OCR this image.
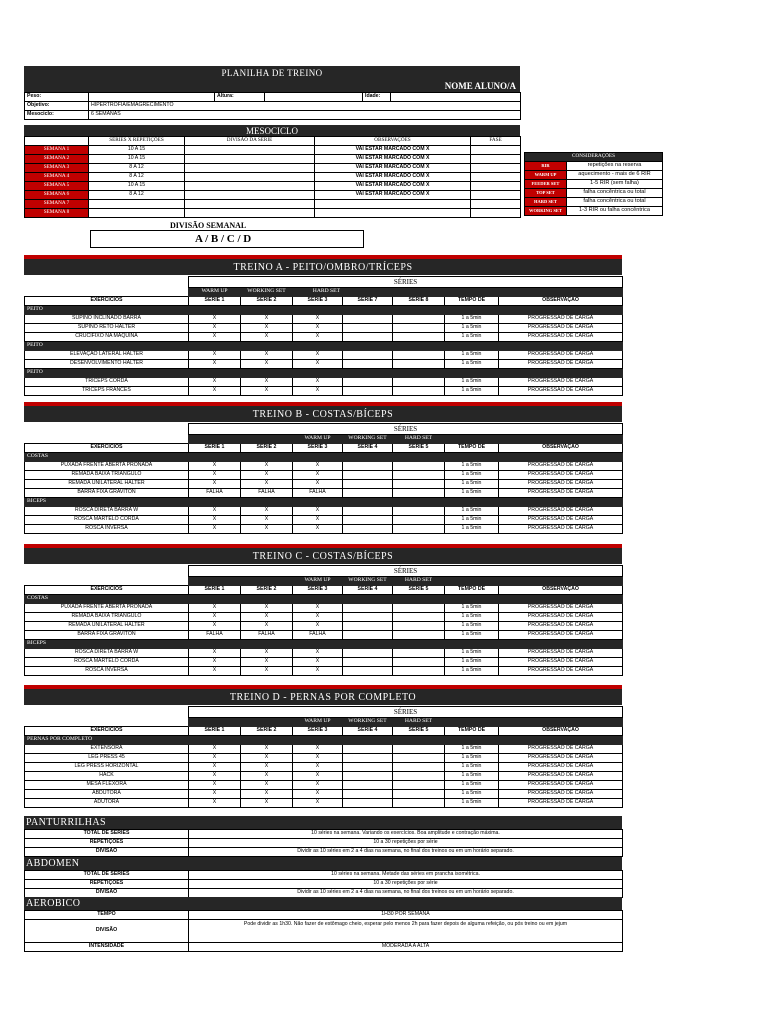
PLANILHA DE TREINO
NOME ALUNO/A
Peso:		Altura:		Idade:	
Objetivo:	HIPERTROFIA/EMAGRECIMENTO
Mesociclo:	6 SEMANAS
MESOCICLO
	SÉRIES X REPETIÇÕES	DIVISÃO DA SÉRIE	OBSERVAÇÕES	FASE
SEMANA 1	10 A 15		VAI ESTAR MARCADO COM X	
SEMANA 2	10 A 15		VAI ESTAR MARCADO COM X	
SEMANA 3	8 A 12		VAI ESTAR MARCADO COM X	
SEMANA 4	8 A 12		VAI ESTAR MARCADO COM X	
SEMANA 5	10 A 15		VAI ESTAR MARCADO COM X	
SEMANA 6	8 A 12		VAI ESTAR MARCADO COM X	
SEMANA 7				
SEMANA 8				
CONSIDERAÇÕES	
RIR	repetições na reserva
WARM UP	aquecimento - mais de 6 RIR
FEEDER SET	1-5 RIR (sem falha)
TOP SET	falha concêntrica ou total
HARD SET	falha concêntrica ou total
WORKING SET	1-3 RIR ou falha concêntrica
DIVISÃO SEMANAL
A / B / C / D
TREINO A - PEITO/OMBRO/TRÍCEPS
	SÉRIES						
	WARM UP	WORKING SET	HARD SET				
EXERCÍCIOS	SÉRIE 1	SÉRIE 2	SÉRIE 3	SÉRIE 7	SÉRIE 8	TEMPO DE	OBSERVAÇÃO
PEITO							
SUPINO INCLINADO BARRA	X	X	X			1 a 5min	PROGRESSÃO DE CARGA
SUPINO RETO HALTER	X	X	X			1 a 5min	PROGRESSÃO DE CARGA
CRUCIFIXO NA MAQUINA	X	X	X			1 a 5min	PROGRESSÃO DE CARGA
PEITO							
ELEVAÇÃO LATERAL HALTER	X	X	X			1 a 5min	PROGRESSÃO DE CARGA
DESENVOLVIMENTO HALTER	X	X	X			1 a 5min	PROGRESSÃO DE CARGA
PEITO							
TRICEPS CORDA	X	X	X			1 a 5min	PROGRESSÃO DE CARGA
TRICEPS FRANCES	X	X	X			1 a 5min	PROGRESSÃO DE CARGA
TREINO B - COSTAS/BÍCEPS
	SÉRIES						
			WARM UP	WORKING SET	HARD SET		
EXERCÍCIOS	SÉRIE 1	SÉRIE 2	SÉRIE 3	SÉRIE 4	SÉRIE 5	TEMPO DE	OBSERVAÇÃO
COSTAS							
PUXADA FRENTE ABERTA PRONADA	X	X	X			1 a 5min	PROGRESSÃO DE CARGA
REMADA BAIXA TRIANGULO	X	X	X			1 a 5min	PROGRESSÃO DE CARGA
REMADA UNILATERAL HALTER	X	X	X			1 a 5min	PROGRESSÃO DE CARGA
BARRA FIXA GRAVITON	FALHA	FALHA	FALHA			1 a 5min	PROGRESSÃO DE CARGA
BÍCEPS							
ROSCA DIRETA BARRA W	X	X	X			1 a 5min	PROGRESSÃO DE CARGA
ROSCA MARTELO CORDA	X	X	X			1 a 5min	PROGRESSÃO DE CARGA
ROSCA INVERSA	X	X	X			1 a 5min	PROGRESSÃO DE CARGA
TREINO C - COSTAS/BÍCEPS
	SÉRIES						
			WARM UP	WORKING SET	HARD SET		
EXERCÍCIOS	SÉRIE 1	SÉRIE 2	SÉRIE 3	SÉRIE 4	SÉRIE 5	TEMPO DE	OBSERVAÇÃO
COSTAS							
PUXADA FRENTE ABERTA PRONADA	X	X	X			1 a 5min	PROGRESSÃO DE CARGA
REMADA BAIXA TRIANGULO	X	X	X			1 a 5min	PROGRESSÃO DE CARGA
REMADA UNILATERAL HALTER	X	X	X			1 a 5min	PROGRESSÃO DE CARGA
BARRA FIXA GRAVITON	FALHA	FALHA	FALHA			1 a 5min	PROGRESSÃO DE CARGA
BÍCEPS							
ROSCA DIRETA BARRA W	X	X	X			1 a 5min	PROGRESSÃO DE CARGA
ROSCA MARTELO CORDA	X	X	X			1 a 5min	PROGRESSÃO DE CARGA
ROSCA INVERSA	X	X	X			1 a 5min	PROGRESSÃO DE CARGA
TREINO D - PERNAS POR COMPLETO
	SÉRIES						
			WARM UP	WORKING SET	HARD SET		
EXERCÍCIOS	SÉRIE 1	SÉRIE 2	SÉRIE 3	SÉRIE 4	SÉRIE 5	TEMPO DE	OBSERVAÇÃO
PERNAS POR COMPLETO							
EXTENSORA	X	X	X			1 a 5min	PROGRESSÃO DE CARGA
LEG PRESS 45	X	X	X			1 a 5min	PROGRESSÃO DE CARGA
LEG PRESS HORIZONTAL	X	X	X			1 a 5min	PROGRESSÃO DE CARGA
HACK	X	X	X			1 a 5min	PROGRESSÃO DE CARGA
MESA FLEXORA	X	X	X			1 a 5min	PROGRESSÃO DE CARGA
ABDUTORA	X	X	X			1 a 5min	PROGRESSÃO DE CARGA
ADUTORA	X	X	X			1 a 5min	PROGRESSÃO DE CARGA
PANTURRILHAS
TOTAL DE SÉRIES	10 séries na semana. Variando os exercícios. Boa amplitude e contração máxima.
REPETIÇÕES	10 a 30 repetições por série
DIVISÃO	Dividir as 10 séries em 2 a 4 dias na semana, no final dos treinos ou em um horário separado.
ABDOMEN
TOTAL DE SÉRIES	10 séries na semana. Metade das séries em prancha isométrica.
REPETIÇÕES	10 a 30 repetições por série
DIVISÃO	Dividir as 10 séries em 2 a 4 dias na semana, no final dos treinos ou em um horário separado.
AEROBICO
TEMPO	1H30 POR SEMANA
DIVISÃO	Pode dividir as 1h30. Não fazer de estômago cheio, esperar pelo menos 2h para fazer depois de alguma refeição, ou pós treino ou em jejum
INTENSIDADE	MODERADA A ALTA
